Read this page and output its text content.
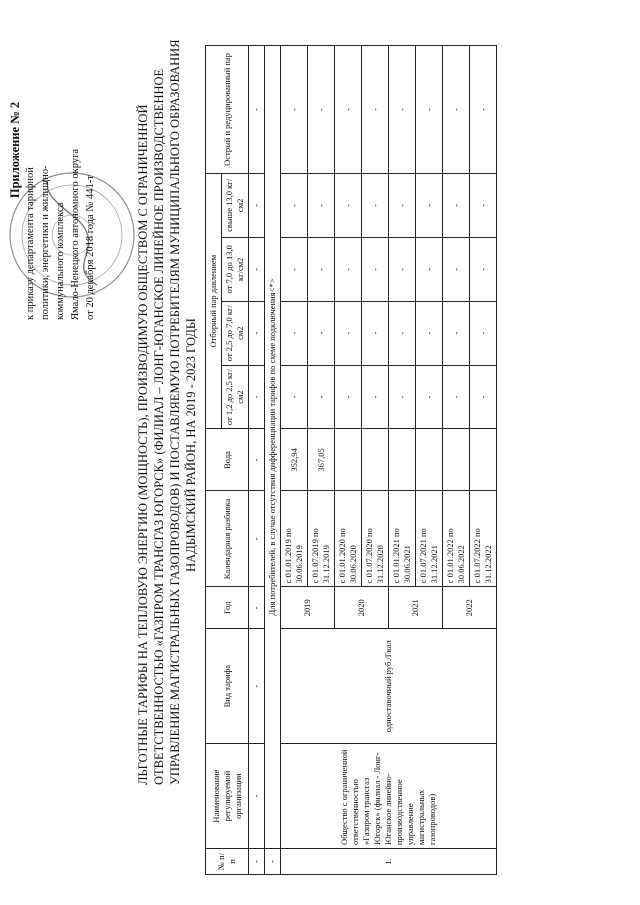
Приложение № 2
к приказу департамента тарифной политики, энергетики и жилищно- коммунального комплекса Ямало-Ненецкого автономного округа от 20 декабря 2018 года № 441-т	ЛЬГОТНЫЕ ТАРИФЫ НА ТЕПЛОВУЮ ЭНЕРГИЮ (МОЩНОСТЬ), ПРОИЗВОДИМУЮ ОБЩЕСТВОМ С ОГРАНИЧЕННОЙ ОТВЕТСТВЕННОСТЬЮ «ГАЗПРОМ ТРАНСГАЗ ЮГОРСК» (ФИЛИАЛ – ЛОНГ-ЮГАНСКОЕ ЛИНЕЙНОЕ ПРОИЗВОДСТВЕННОЕ УПРАВЛЕНИЕ МАГИСТРАЛЬНЫХ ГАЗОПРОВОДОВ) И ПОСТАВЛЯЕМУЮ ПОТРЕБИТЕЛЯМ МУНИЦИПАЛЬНОГО ОБРАЗОВАНИЯ НАДЫМСКИЙ РАЙОН, НА 2019 - 2023 ГОДЫ
№ п/п	Наименование регулируемой организации	Вид тарифа	Год	Календарная разбивка	Вода	Отборный пар давлением				Острый и редуцированный пар
						от 1,2 до 2,5 кг/см2	от 2,5 до 7,0 кг/см2	от 7,0 до 13,0 кг/см2	свыше 13,0 кг/см2	
-	-	-	-	-	-	-	-	-	-	-
-	Для потребителей, в случае отсутствия дифференциации тарифов по схеме подключения<*>									
1.	Общество с ограниченной ответственностью «Газпром трансгаз Югорск» (филиал - Лонг-Юганское линейно-производственное управление магистральных газопроводов)	одноставочный руб./Гкал	2019	с 01.01.2019 по 30.06.2019	352,94	-	-	-	-	-
				с 01.07.2019 по 31.12.2019	367,05	-	-	-	-	-
			2020	с 01.01.2020 по 30.06.2020		-	-	-	-	-
				с 01.07.2020 по 31.12.2020		-	-	-	-	-
			2021	с 01.01.2021 по 30.06.2021		-	-	-	-	-
				с 01.07.2021 по 31.12.2021		-	-	-	-	-
			2022	с 01.01.2022 по 30.06.2022		-	-	-	-	-
				с 01.07.2022 по 31.12.2022		-	-	-	-	-
